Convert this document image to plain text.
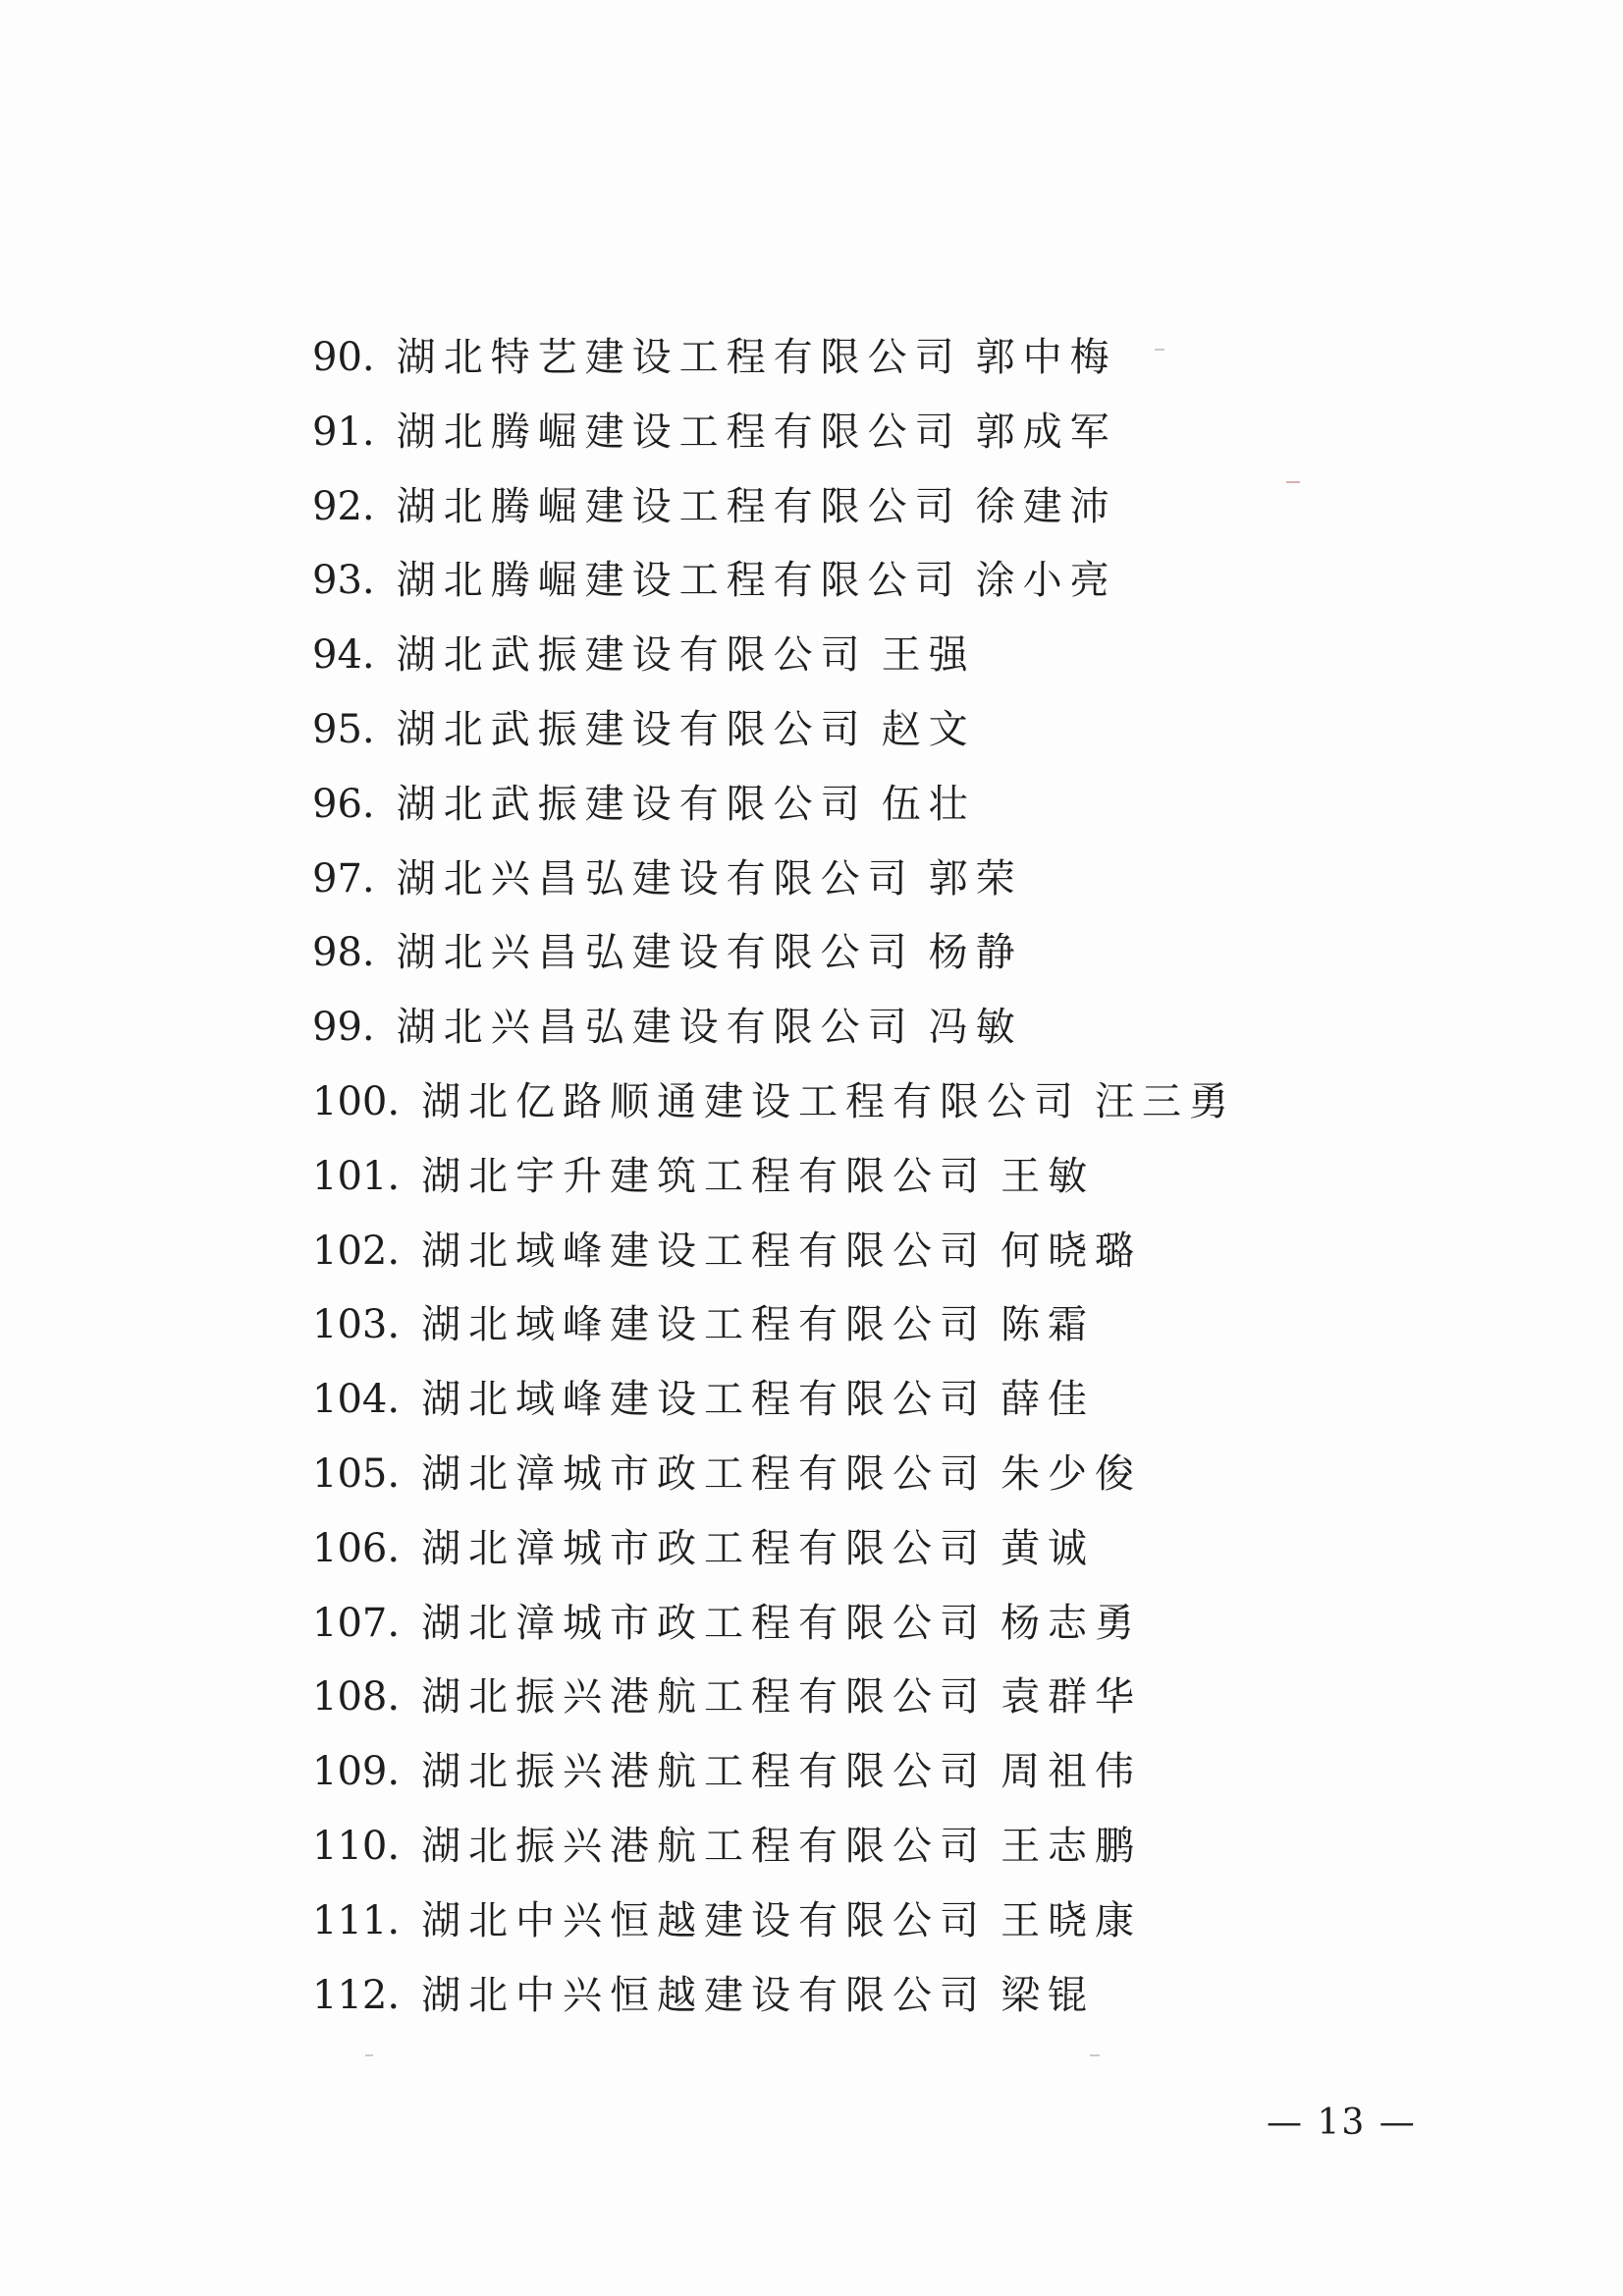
90. 湖北特艺建设工程有限公司 郭中梅
91. 湖北腾崛建设工程有限公司 郭成军
92. 湖北腾崛建设工程有限公司 徐建沛
93. 湖北腾崛建设工程有限公司 涂小亮
94. 湖北武振建设有限公司 王强
95. 湖北武振建设有限公司 赵文
96. 湖北武振建设有限公司 伍壮
97. 湖北兴昌弘建设有限公司 郭荣
98. 湖北兴昌弘建设有限公司 杨静
99. 湖北兴昌弘建设有限公司 冯敏
100. 湖北亿路顺通建设工程有限公司 汪三勇
101. 湖北宇升建筑工程有限公司 王敏
102. 湖北域峰建设工程有限公司 何晓璐
103. 湖北域峰建设工程有限公司 陈霜
104. 湖北域峰建设工程有限公司 薛佳
105. 湖北漳城市政工程有限公司 朱少俊
106. 湖北漳城市政工程有限公司 黄诚
107. 湖北漳城市政工程有限公司 杨志勇
108. 湖北振兴港航工程有限公司 袁群华
109. 湖北振兴港航工程有限公司 周祖伟
110. 湖北振兴港航工程有限公司 王志鹏
111. 湖北中兴恒越建设有限公司 王晓康
112. 湖北中兴恒越建设有限公司 梁锟
— 13 —
